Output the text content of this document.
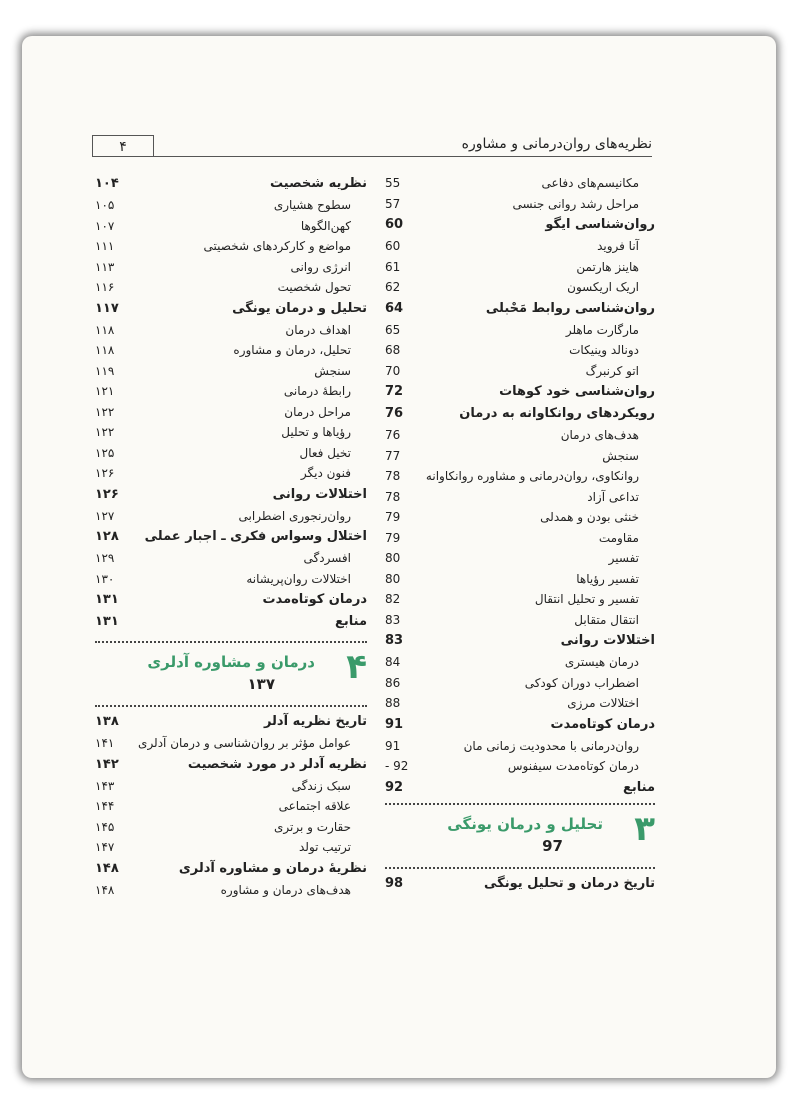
۴	نظریه‌های روان‌درمانی و مشاوره
مکانیسم‌های دفاعی
55
مراحل رشد روانی جنسی
57
روان‌شناسی ایگو
60
آنا فروید
60
هاینز هارتمن
61
اریک اریکسون
62
روان‌شناسی روابط مَحْبلی
64
مارگارت ماهلر
65
دونالد وینیکات
68
اتو کرنبرگ
70
روان‌شناسی خود کوهات
72
رویکردهای روانکاوانه به درمان
76
هدف‌های درمان
76
سنجش
77
روانکاوی، روان‌درمانی و مشاوره روانکاوانه
78
تداعی آزاد
78
خنثی بودن و همدلی
79
مقاومت
79
تفسیر
80
تفسیر رؤیاها
80
تفسیر و تحلیل انتقال
82
انتقال متقابل
83
اختلالات روانی
83
درمان هیستری
84
اضطراب دوران کودکی
86
اختلالات مرزی
88
درمان کوتاه‌مدت
91
روان‌درمانی با محدودیت زمانی مان
91
درمان کوتاه‌مدت سیفنوس
- 92
منابع
92
۳
تحلیل و درمان یونگی
97
تاریخ درمان و تحلیل یونگی
98
نظریه شخصیت
۱۰۴
سطوح هشیاری
۱۰۵
کهن‌الگوها
۱۰۷
مواضع و کارکردهای شخصیتی
۱۱۱
انرژی روانی
۱۱۳
تحول شخصیت
۱۱۶
تحلیل و درمان یونگی
۱۱۷
اهداف درمان
۱۱۸
تحلیل، درمان و مشاوره
۱۱۸
سنجش
۱۱۹
رابطهٔ درمانی
۱۲۱
مراحل درمان
۱۲۲
رؤیاها و تحلیل
۱۲۲
تخیل فعال
۱۲۵
فنون دیگر
۱۲۶
اختلالات روانی
۱۲۶
روان‌رنجوری اضطرابی
۱۲۷
اختلال وسواس فکری ـ اجبار عملی
۱۲۸
افسردگی
۱۲۹
اختلالات روان‌پریشانه
۱۳۰
درمان کوتاه‌مدت
۱۳۱
منابع
۱۳۱
۴
درمان و مشاوره آدلری
۱۳۷
تاریخ نظریه آدلر
۱۳۸
عوامل مؤثر بر روان‌شناسی و درمان آدلری
۱۴۱
نظریه آدلر در مورد شخصیت
۱۴۲
سبک زندگی
۱۴۳
علاقه اجتماعی
۱۴۴
حقارت و برتری
۱۴۵
ترتیب تولد
۱۴۷
نظریهٔ درمان و مشاوره آدلری
۱۴۸
هدف‌های درمان و مشاوره
۱۴۸
